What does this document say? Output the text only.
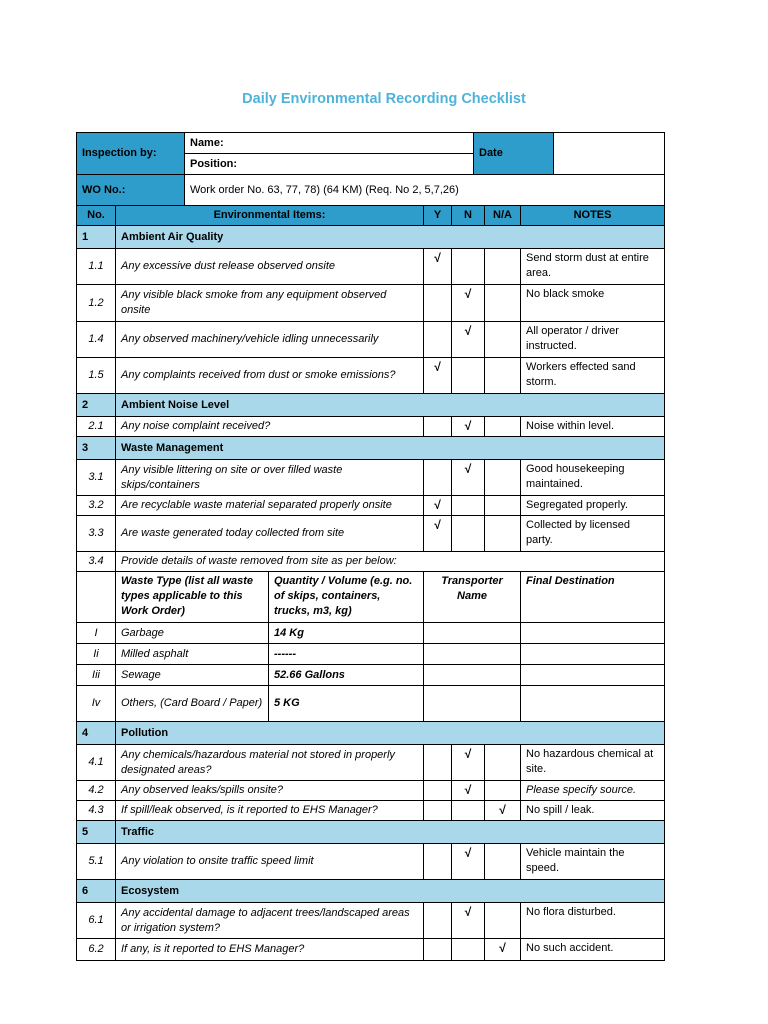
Daily Environmental Recording Checklist
Inspection by:	Name:	Date	
	Position:		
WO No.:	Work order No. 63, 77, 78) (64 KM) (Req. No 2, 5,7,26)		
No.	Environmental Items:		Y	N	N/A	NOTES
1	Ambient Air Quality					
1.1	Any excessive dust release observed onsite		√			Send storm dust at entire area.
1.2	Any visible black smoke from any equipment observed onsite			√		No black smoke
1.4	Any observed machinery/vehicle idling unnecessarily			√		All operator / driver instructed.
1.5	Any complaints received from dust or smoke emissions?		√			Workers effected sand storm.
2	Ambient Noise Level					
2.1	Any noise complaint received?			√		Noise within level.
3	Waste Management					
3.1	Any visible littering on site or over filled waste skips/containers			√		Good housekeeping maintained.
3.2	Are recyclable waste material separated properly onsite		√			Segregated properly.
3.3	Are waste generated today collected from site		√			Collected by licensed party.
3.4	Provide details of waste removed from site as per below:					
	Waste Type (list all waste types applicable to this Work Order)	Quantity / Volume (e.g. no. of skips, containers, trucks, m3, kg)	Transporter Name			Final Destination
I	Garbage	14 Kg				
Ii	Milled asphalt	------				
Iii	Sewage	52.66 Gallons				
Iv	Others, (Card Board / Paper)	5 KG				
4	Pollution					
4.1	Any chemicals/hazardous material not stored in properly designated areas?			√		No hazardous chemical at site.
4.2	Any observed leaks/spills onsite?			√		Please specify source.
4.3	If spill/leak observed, is it reported to EHS Manager?				√	No spill / leak.
5	Traffic					
5.1	Any violation to onsite traffic speed limit			√		Vehicle maintain the speed.
6	Ecosystem					
6.1	Any accidental damage to adjacent trees/landscaped areas or irrigation system?			√		No flora disturbed.
6.2	If any, is it reported to EHS Manager?				√	No such accident.
